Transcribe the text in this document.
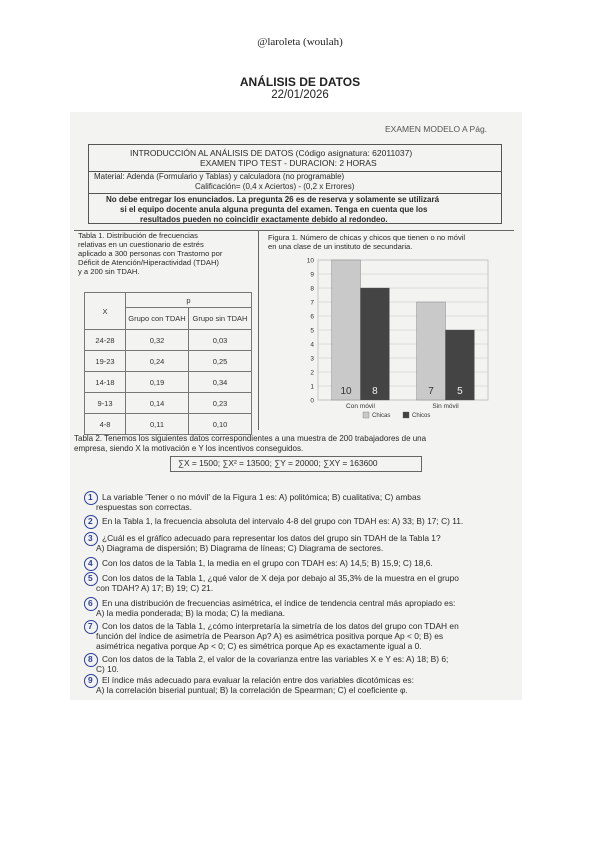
@laroleta (woulah)
ANÁLISIS DE DATOS
22/01/2026
EXAMEN MODELO A Pág.
INTRODUCCIÓN AL ANÁLISIS DE DATOS (Código asignatura: 62011037)
EXAMEN TIPO TEST - DURACION: 2 HORAS
Material: Adenda (Formulario y Tablas) y calculadora (no programable)
Calificación= (0,4 x Aciertos) - (0,2 x Errores)
No debe entregar los enunciados. La pregunta 26 es de reserva y solamente se utilizará
si el equipo docente anula alguna pregunta del examen. Tenga en cuenta que los
resultados pueden no coincidir exactamente debido al redondeo.
Tabla 1. Distribución de frecuencias
relativas en un cuestionario de estrés
aplicado a 300 personas con Trastorno por
Déficit de Atención/Hiperactividad (TDAH)
y a 200 sin TDAH.
X	p	
	Grupo con TDAH	Grupo sin TDAH
24-28	0,32	0,03
19-23	0,24	0,25
14-18	0,19	0,34
9-13	0,14	0,23
4-8	0,11	0,10
Figura 1. Número de chicas y chicos que tienen o no móvil
en una clase de un instituto de secundaria.
0
1
2
3
4
5
6
7
8
9
10
10 8
Con móvil
7 5
Sin móvil
Chicas	Chicos
Tabla 2. Tenemos los siguientes datos correspondientes a una muestra de 200 trabajadores de una
empresa, siendo X la motivación e Y los incentivos conseguidos.
∑X = 1500; ∑X² = 13500; ∑Y = 20000; ∑XY = 163600
1 La variable 'Tener o no móvil' de la Figura 1 es: A) politómica; B) cualitativa; C) ambas
respuestas son correctas.
2 En la Tabla 1, la frecuencia absoluta del intervalo 4-8 del grupo con TDAH es: A) 33; B) 17; C) 11.
3 ¿Cuál es el gráfico adecuado para representar los datos del grupo sin TDAH de la Tabla 1?
A) Diagrama de dispersión; B) Diagrama de líneas; C) Diagrama de sectores.
4 Con los datos de la Tabla 1, la media en el grupo con TDAH es: A) 14,5; B) 15,9; C) 18,6.
5 Con los datos de la Tabla 1, ¿qué valor de X deja por debajo al 35,3% de la muestra en el grupo
con TDAH? A) 17; B) 19; C) 21.
6 En una distribución de frecuencias asimétrica, el índice de tendencia central más apropiado es:
A) la media ponderada; B) la moda; C) la mediana.
7 Con los datos de la Tabla 1, ¿cómo interpretaría la simetría de los datos del grupo con TDAH en
función del índice de asimetría de Pearson Ap? A) es asimétrica positiva porque Ap < 0; B) es
asimétrica negativa porque Ap < 0; C) es simétrica porque Ap es exactamente igual a 0.
8 Con los datos de la Tabla 2, el valor de la covarianza entre las variables X e Y es: A) 18; B) 6;
C) 10.
9 El índice más adecuado para evaluar la relación entre dos variables dicotómicas es:
A) la correlación biserial puntual; B) la correlación de Spearman; C) el coeficiente φ.
